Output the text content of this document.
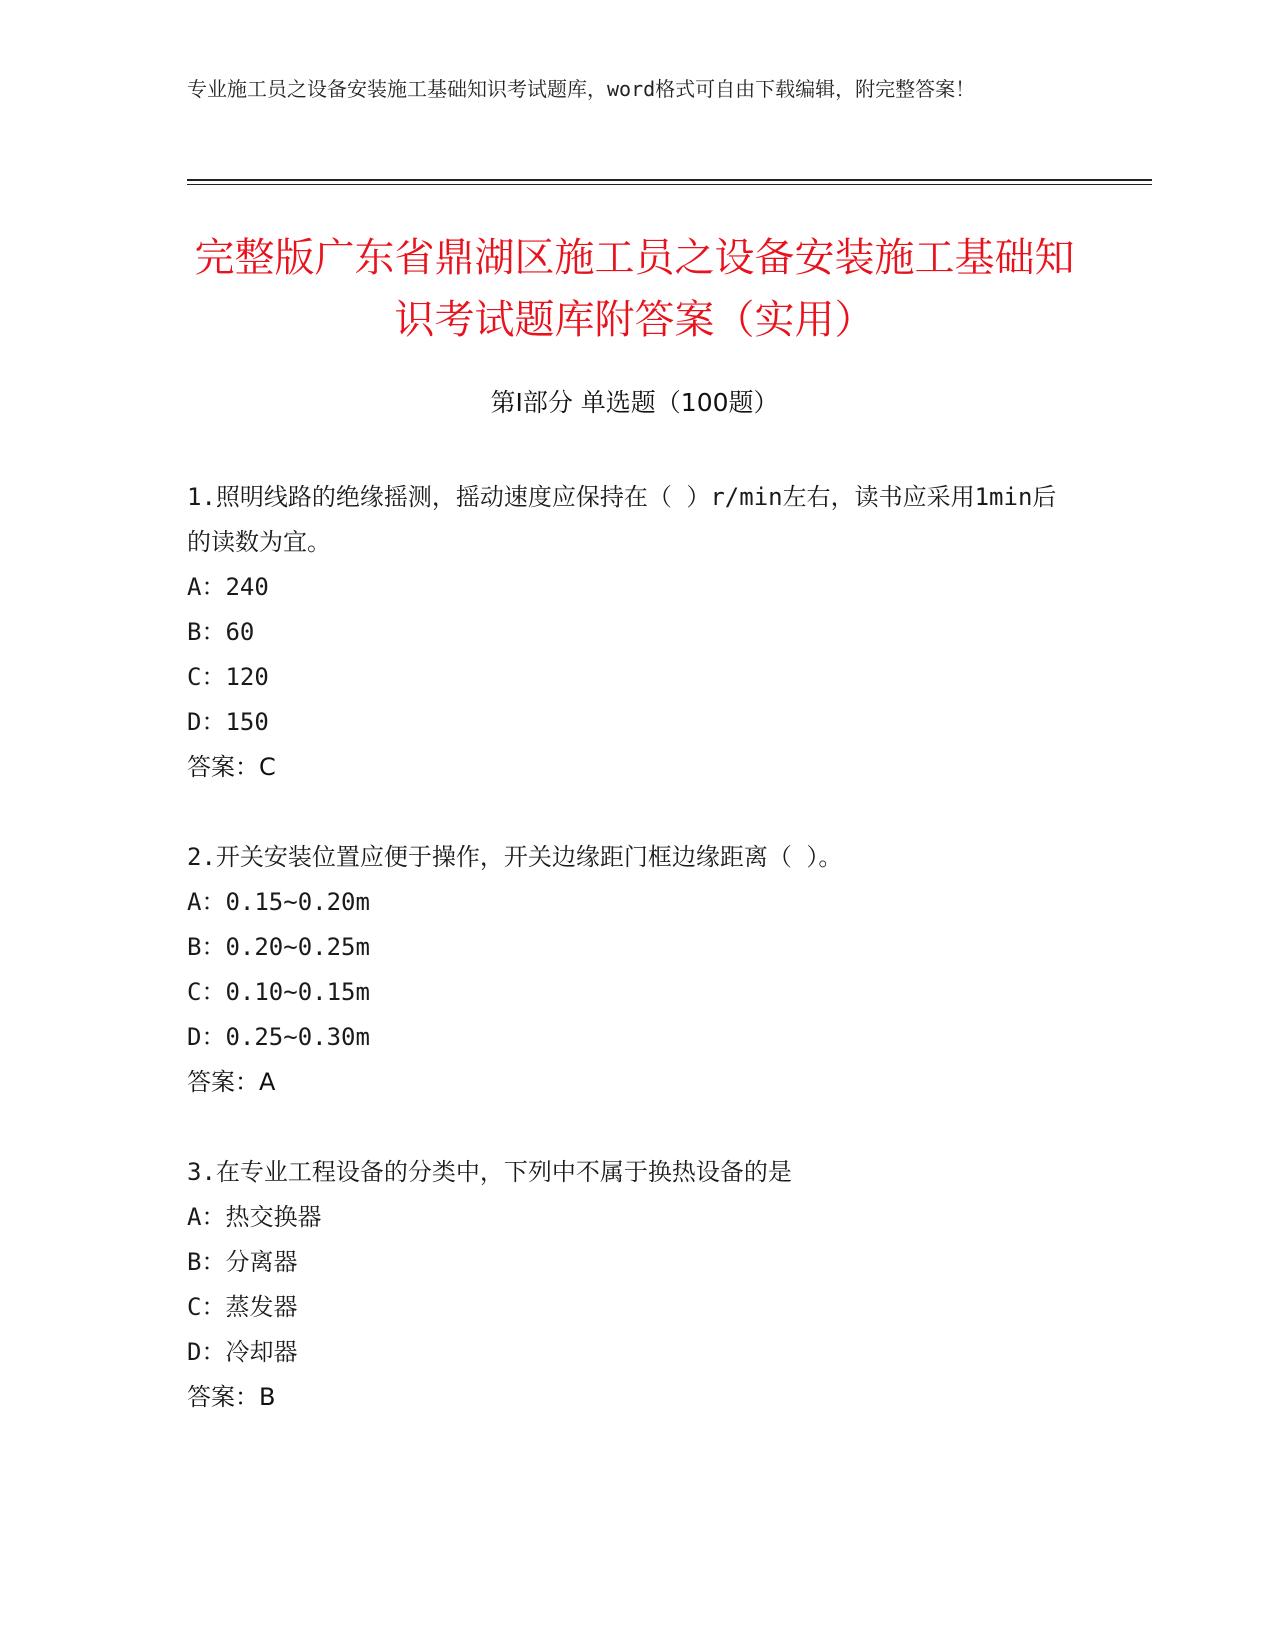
专业施工员之设备安装施工基础知识考试题库，word格式可自由下载编辑，附完整答案！
完整版广东省鼎湖区施工员之设备安装施工基础知识考试题库附答案（实用）
第Ⅰ部分 单选题（100题）

1.照明线路的绝缘摇测，摇动速度应保持在（ ）r/min左右，读书应采用1min后的读数为宜。

A：240

B：60

C：120

D：150

答案：C

2.开关安装位置应便于操作，开关边缘距门框边缘距离（ ）。

A：0.15~0.20m

B：0.20~0.25m

C：0.10~0.15m

D：0.25~0.30m

答案：A

3.在专业工程设备的分类中，下列中不属于换热设备的是

A：热交换器

B：分离器

C：蒸发器

D：冷却器

答案：B
